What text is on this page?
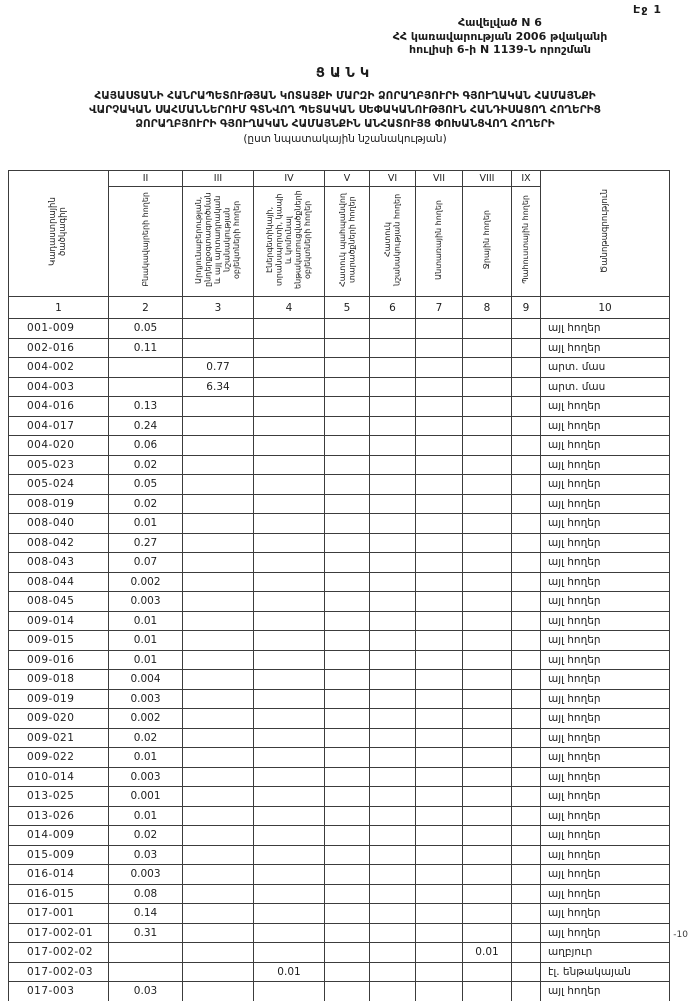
Էջ 1
Հավելված N 6
ՀՀ կառավարության 2006 թվականի
հուլիսի 6-ի N 1139-Ն որոշման
ՑԱՆԿ
ՀԱՅԱՍՏԱՆԻ ՀԱՆՐԱՊԵՏՈՒԹՅԱՆ ԿՈՏԱՅՔԻ ՄԱՐԶԻ ՁՈՐԱՂԲՅՈՒՐԻ ԳՅՈՒՂԱԿԱՆ ՀԱՄԱՅՆՔԻ
ՎԱՐՉԱԿԱՆ ՍԱՀՄԱՆՆԵՐՈՒՄ ԳՏՆՎՈՂ ՊԵՏԱԿԱՆ ՍԵՓԱԿԱՆՈՒԹՅՈՒՆ ՀԱՆԴԻՍԱՑՈՂ ՀՈՂԵՐԻՑ
ՁՈՐԱՂԲՅՈՒՐԻ ԳՅՈՒՂԱԿԱՆ ՀԱՄԱՅՆՔԻՆ ԱՆՀԱՏՈՒՅՑ ՓՈԽԱՆՑՎՈՂ ՀՈՂԵՐԻ
(ըստ նպատակային նշանակության)
Կադաստրային ծածկագիր	II	III	IV	V	VI	VII	VIII	IX	Ծանոթագրություն
	Բնակավայրերի հողեր	Արդյունաբերության, ընդերքօգտագործման և այլ արտադրական նշանակության օբյեկտների հողեր	Էներգետիկայի, տրանսպորտի, կապի և կոմունալ ենթակառուցվածքների օբյեկտների հողեր	Հատուկ պահպանվող տարածքների հողեր	Հատուկ նշանակության հողեր	Անտառային հողեր	Ջրային հողեր	Պահուստային հողեր	
1	2	3	4	5	6	7	8	9	10
001-009	0.05								այլ հողեր
002-016	0.11								այլ հողեր
004-002		0.77							արտ. մաս
004-003		6.34							արտ. մաս
004-016	0.13								այլ հողեր
004-017	0.24								այլ հողեր
004-020	0.06								այլ հողեր
005-023	0.02								այլ հողեր
005-024	0.05								այլ հողեր
008-019	0.02								այլ հողեր
008-040	0.01								այլ հողեր
008-042	0.27								այլ հողեր
008-043	0.07								այլ հողեր
008-044	0.002								այլ հողեր
008-045	0.003								այլ հողեր
009-014	0.01								այլ հողեր
009-015	0.01								այլ հողեր
009-016	0.01								այլ հողեր
009-018	0.004								այլ հողեր
009-019	0.003								այլ հողեր
009-020	0.002								այլ հողեր
009-021	0.02								այլ հողեր
009-022	0.01								այլ հողեր
010-014	0.003								այլ հողեր
013-025	0.001								այլ հողեր
013-026	0.01								այլ հողեր
014-009	0.02								այլ հողեր
015-009	0.03								այլ հողեր
016-014	0.003								այլ հողեր
016-015	0.08								այլ հողեր
017-001	0.14								այլ հողեր
017-002-01	0.31								այլ հողեր
017-002-02							0.01		աղբյուր
017-002-03			0.01						էլ. ենթակայան
017-003	0.03								այլ հողեր
-10
